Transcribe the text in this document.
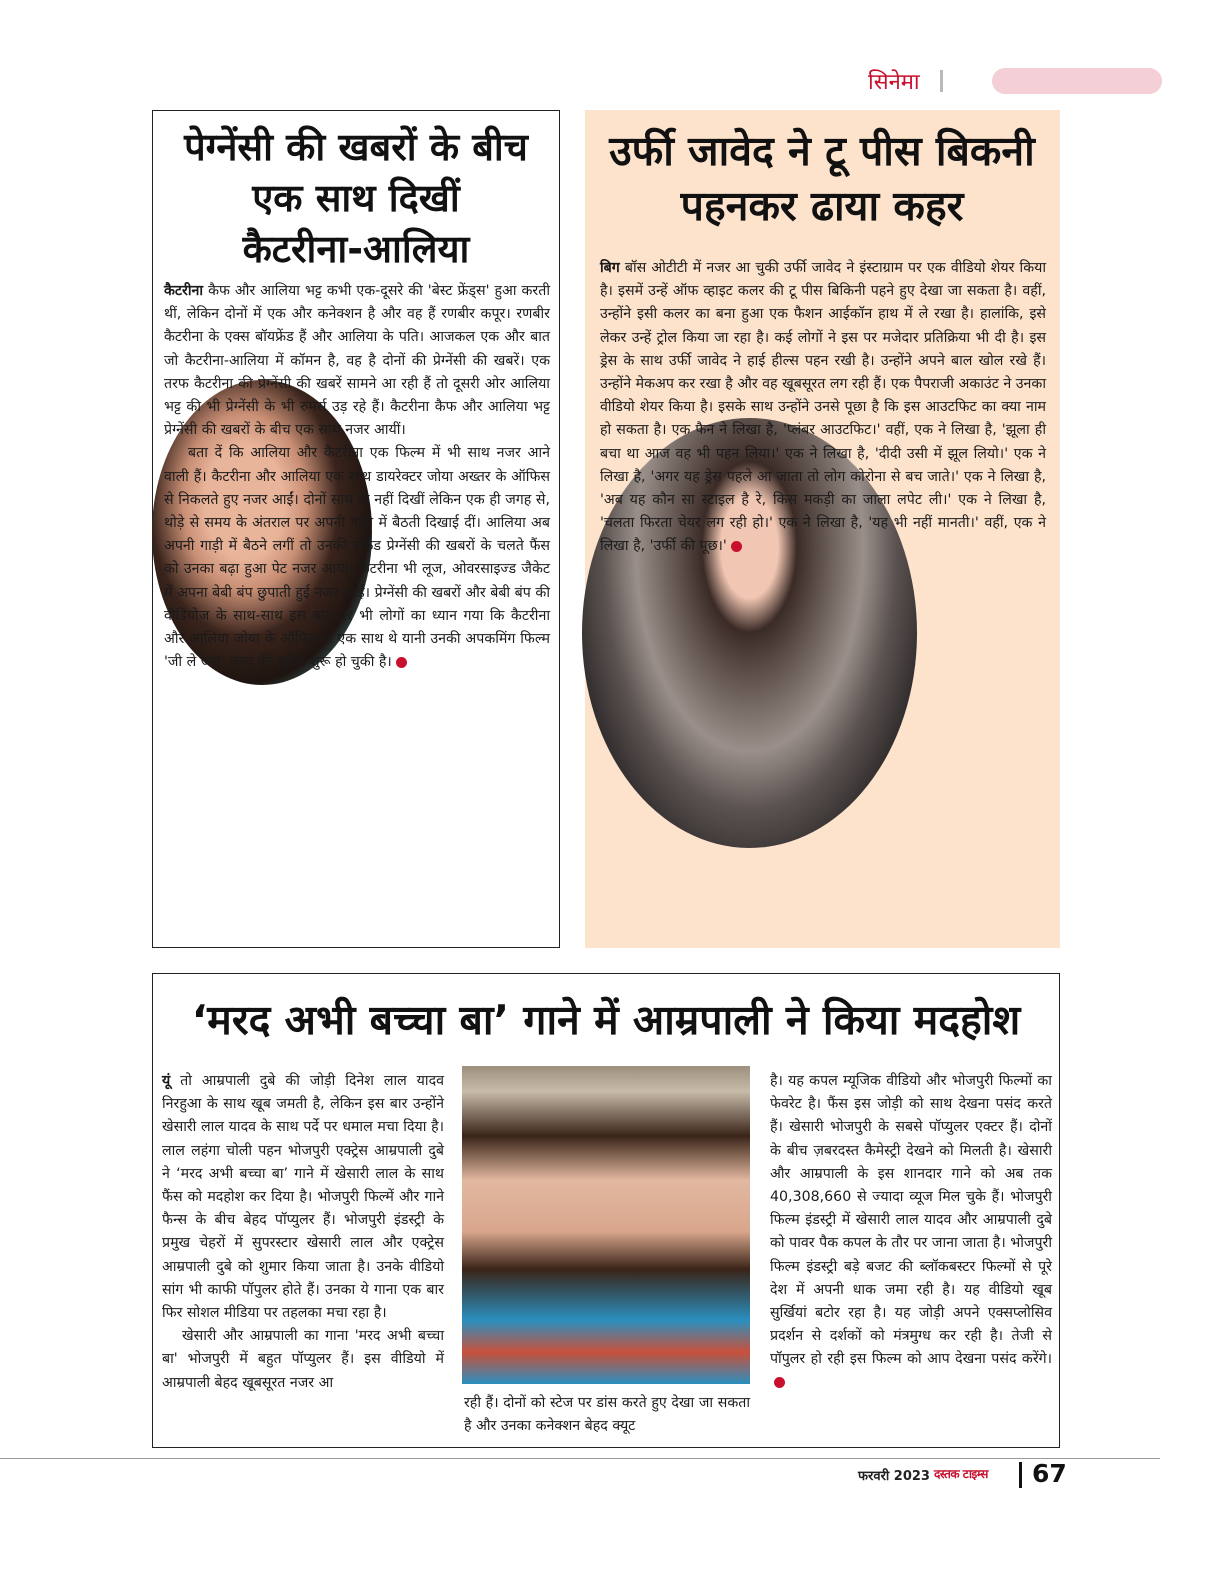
सिनेमा
पेग्नेंसी की खबरों के बीच
एक साथ दिखीं
कैटरीना-आलिया

कैटरीना कैफ और आलिया भट्ट कभी एक-दूसरे की 'बेस्ट फ्रेंड्स' हुआ करती थीं, लेकिन दोनों में एक और कनेक्शन है और वह हैं रणबीर कपूर। रणबीर कैटरीना के एक्स बॉयफ्रेंड हैं और आलिया के पति। आजकल एक और बात जो कैटरीना-आलिया में कॉमन है, वह है दोनों की प्रेग्नेंसी की खबरें। एक तरफ कैटरीना की प्रेग्नेंसी की खबरें सामने आ रही हैं तो दूसरी ओर आलिया भट्ट की भी प्रेग्नेंसी के भी रुमर्स उड़ रहे हैं। कैटरीना कैफ और आलिया भट्ट प्रेग्नेंसी की खबरों के बीच एक साथ नजर आयीं।

बता दें कि आलिया और कैटरीना एक फिल्म में भी साथ नजर आने वाली हैं। कैटरीना और आलिया एक साथ डायरेक्टर जोया अख्तर के ऑफिस से निकलते हुए नजर आईं। दोनों साथ तो नहीं दिखीं लेकिन एक ही जगह से, थोड़े से समय के अंतराल पर अपनी गाड़ी में बैठती दिखाई दीं। आलिया अब अपनी गाड़ी में बैठने लगीं तो उनकी सेकेंड प्रेग्नेंसी की खबरों के चलते फैंस को उनका बढ़ा हुआ पेट नजर आया। कैटरीना भी लूज, ओवरसाइज्ड जैकेट में अपना बेबी बंप छुपाती हुई नजर आईं। प्रेग्नेंसी की खबरों और बेबी बंप की वीडियोज के साथ-साथ इस बात पर भी लोगों का ध्यान गया कि कैटरीना और आलिया जोया के ऑफिस में एक साथ थे यानी उनकी अपकमिंग फिल्म 'जी ले जरा' जल्द की शूटिंग शुरू हो चुकी है।

उर्फी जावेद ने टू पीस बिकनी
पहनकर ढाया कहर

बिग बॉस ओटीटी में नजर आ चुकी उर्फी जावेद ने इंस्टाग्राम पर एक वीडियो शेयर किया है। इसमें उन्हें ऑफ व्हाइट कलर की टू पीस बिकिनी पहने हुए देखा जा सकता है। वहीं, उन्होंने इसी कलर का बना हुआ एक फैशन आईकॉन हाथ में ले रखा है। हालांकि, इसे लेकर उन्हें ट्रोल किया जा रहा है। कई लोगों ने इस पर मजेदार प्रतिक्रिया भी दी है। इस ड्रेस के साथ उर्फी जावेद ने हाई हील्स पहन रखी है। उन्होंने अपने बाल खोल रखे हैं। उन्होंने मेकअप कर रखा है और वह खूबसूरत लग रही हैं। एक पैपराजी अकाउंट ने उनका वीडियो शेयर किया है। इसके साथ उन्होंने उनसे पूछा है कि इस आउटफिट का क्या नाम हो सकता है। एक फैन ने लिखा है, 'प्लंबर आउटफिट।' वहीं, एक ने लिखा है, 'झूला ही बचा था आज वह भी पहन लिया।' एक ने लिखा है, 'दीदी उसी में झूल लियो।' एक ने लिखा है, 'अगर यह ड्रेस पहले आ जाता तो लोग कोरोना से बच जाते।' एक ने लिखा है, 'अब यह कौन सा स्टाइल है रे, किस मकड़ी का जाला लपेट ली।' एक ने लिखा है, 'चलता फिरता चेयर लग रही हो।' एक ने लिखा है, 'यह भी नहीं मानती।' वहीं, एक ने लिखा है, 'उर्फी की पूछ।'

‘मरद अभी बच्चा बा’ गाने में आम्रपाली ने किया मदहोश

यूं तो आम्रपाली दुबे की जोड़ी दिनेश लाल यादव निरहुआ के साथ खूब जमती है, लेकिन इस बार उन्होंने खेसारी लाल यादव के साथ पर्दे पर धमाल मचा दिया है। लाल लहंगा चोली पहन भोजपुरी एक्ट्रेस आम्रपाली दुबे ने ‘मरद अभी बच्चा बा’ गाने में खेसारी लाल के साथ फैंस को मदहोश कर दिया है। भोजपुरी फिल्में और गाने फैन्स के बीच बेहद पॉप्युलर हैं। भोजपुरी इंडस्ट्री के प्रमुख चेहरों में सुपरस्टार खेसारी लाल और एक्ट्रेस आम्रपाली दुबे को शुमार किया जाता है। उनके वीडियो सांग भी काफी पॉपुलर होते हैं। उनका ये गाना एक बार फिर सोशल मीडिया पर तहलका मचा रहा है।

खेसारी और आम्रपाली का गाना 'मरद अभी बच्चा बा' भोजपुरी में बहुत पॉप्युलर हैं। इस वीडियो में आम्रपाली बेहद खूबसूरत नजर आ

रही हैं। दोनों को स्टेज पर डांस करते हुए देखा जा सकता है और उनका कनेक्शन बेहद क्यूट
है। यह कपल म्यूजिक वीडियो और भोजपुरी फिल्मों का फेवरेट है। फैंस इस जोड़ी को साथ देखना पसंद करते हैं। खेसारी भोजपुरी के सबसे पॉप्युलर एक्टर हैं। दोनों के बीच ज़बरदस्त कैमेस्ट्री देखने को मिलती है। खेसारी और आम्रपाली के इस शानदार गाने को अब तक 40,308,660 से ज्यादा व्यूज मिल चुके हैं। भोजपुरी फिल्म इंडस्ट्री में खेसारी लाल यादव और आम्रपाली दुबे को पावर पैक कपल के तौर पर जाना जाता है। भोजपुरी फिल्म इंडस्ट्री बड़े बजट की ब्लॉकबस्टर फिल्मों से पूरे देश में अपनी धाक जमा रही है। यह वीडियो खूब सुर्खियां बटोर रहा है। यह जोड़ी अपने एक्सप्लोसिव प्रदर्शन से दर्शकों को मंत्रमुग्ध कर रही है। तेजी से पॉपुलर हो रही इस फिल्म को आप देखना पसंद करेंगे।
फरवरी 2023 दस्तक टाइम्स 67
